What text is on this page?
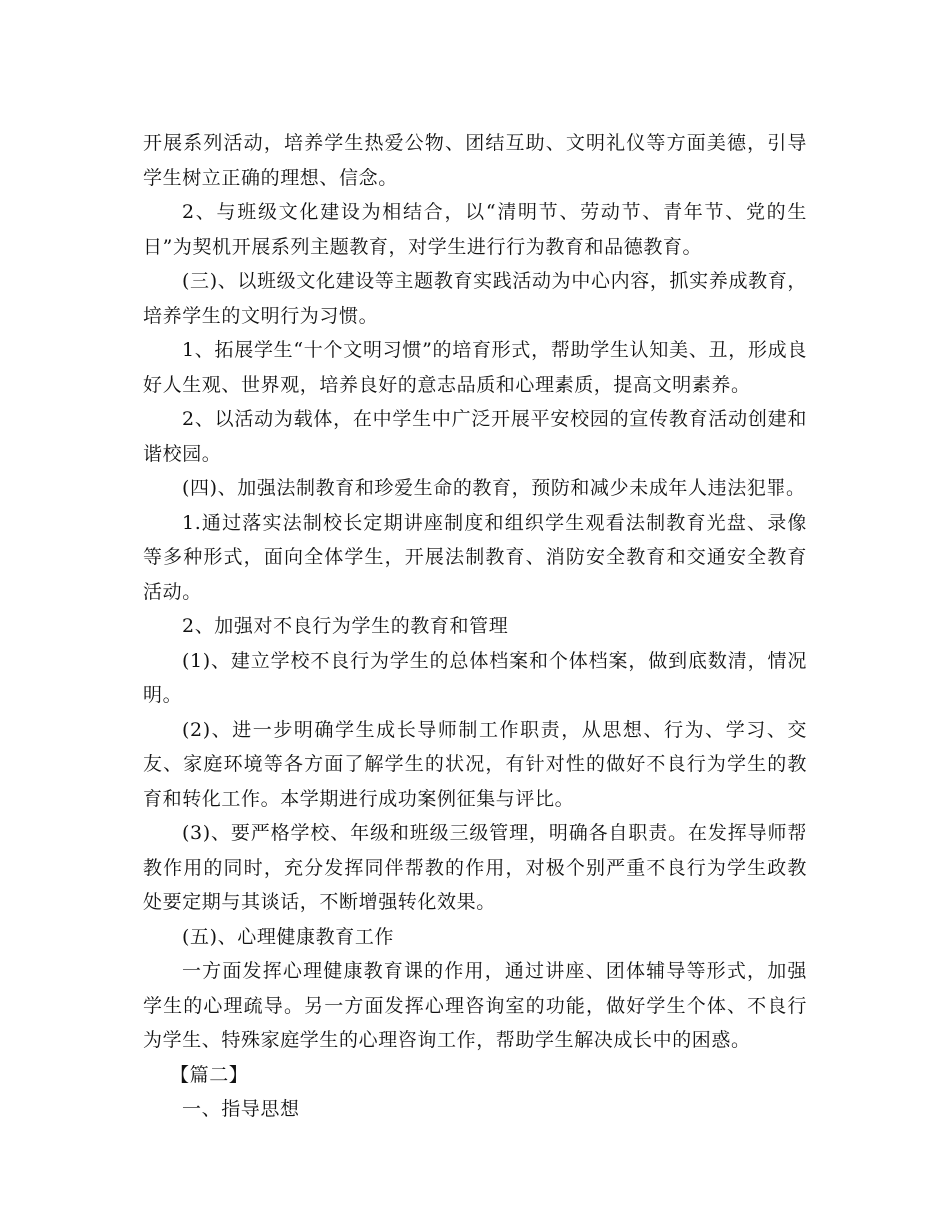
开展系列活动，培养学生热爱公物、团结互助、文明礼仪等方面美德，引导学生树立正确的理想、信念。

2、与班级文化建设为相结合，以“清明节、劳动节、青年节、党的生日”为契机开展系列主题教育，对学生进行行为教育和品德教育。

(三)、以班级文化建设等主题教育实践活动为中心内容，抓实养成教育，培养学生的文明行为习惯。

1、拓展学生“十个文明习惯”的培育形式，帮助学生认知美、丑，形成良好人生观、世界观，培养良好的意志品质和心理素质，提高文明素养。

2、以活动为载体，在中学生中广泛开展平安校园的宣传教育活动创建和谐校园。

(四)、加强法制教育和珍爱生命的教育，预防和减少未成年人违法犯罪。

1.通过落实法制校长定期讲座制度和组织学生观看法制教育光盘、录像等多种形式，面向全体学生，开展法制教育、消防安全教育和交通安全教育活动。

2、加强对不良行为学生的教育和管理

(1)、建立学校不良行为学生的总体档案和个体档案，做到底数清，情况明。

(2)、进一步明确学生成长导师制工作职责，从思想、行为、学习、交友、家庭环境等各方面了解学生的状况，有针对性的做好不良行为学生的教育和转化工作。本学期进行成功案例征集与评比。

(3)、要严格学校、年级和班级三级管理，明确各自职责。在发挥导师帮教作用的同时，充分发挥同伴帮教的作用，对极个别严重不良行为学生政教处要定期与其谈话，不断增强转化效果。

(五)、心理健康教育工作

一方面发挥心理健康教育课的作用，通过讲座、团体辅导等形式，加强学生的心理疏导。另一方面发挥心理咨询室的功能，做好学生个体、不良行为学生、特殊家庭学生的心理咨询工作，帮助学生解决成长中的困惑。

【篇二】

一、指导思想
